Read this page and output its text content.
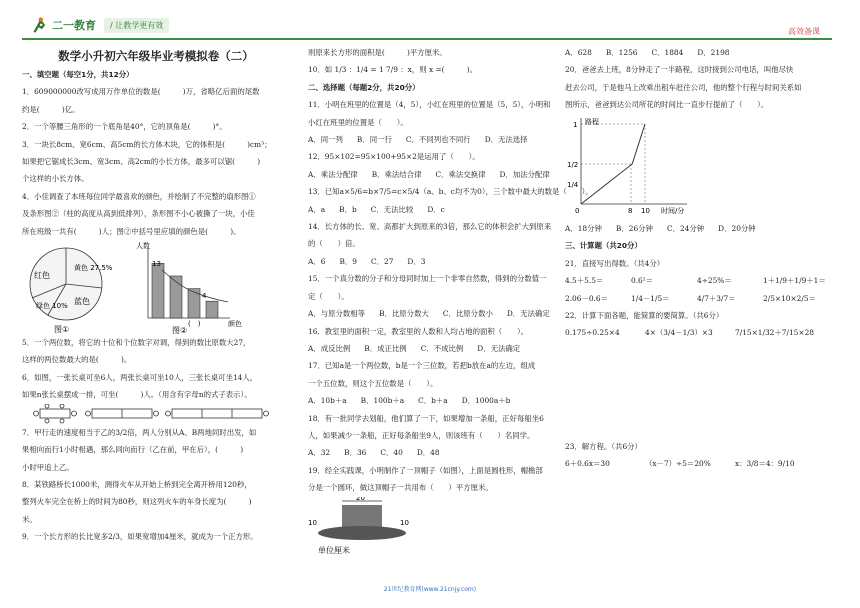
二一教育	/ 让教学更有效
高效备课
数学小升初六年级毕业考模拟卷（二）

一、填空题（每空1分，共12分）

1．609000000改写成用万作单位的数是(　　　)万，省略亿后面的尾数

约是(　　　)亿。

2．一个等腰三角形的一个底角是40°，它的顶角是(　　　)°。

3．一块长8cm、宽6cm、高5cm的长方体木块，它的体积是(　　　)cm³；

如果把它锯成长3cm、宽3cm、高2cm的小长方体，最多可以锯(　　　)

个这样的小长方体。

4．小佳调查了本班每位同学最喜欢的颜色，并绘制了不完整的扇形图①

及条形图②（柱的高度从高到低排列），条形图不小心被撕了一块，小佳

所在班级一共有(　　　)人；图②中括号里应填的颜色是(　　　)。

红色
黄色 27.5%
绿色 10% 蓝色
图①
人数
颜色
13
4
(　)
图②

5．一个两位数，将它的十位和个位数字对调，得到的数比原数大27，

这样的两位数最大的是(　　　)。

6．如图，一张长桌可坐6人，两张长桌可坐10人，三张长桌可坐14人，

如果n张长桌摆成一排，可坐(　　　)人。（用含有字母n的式子表示）。

7．甲行走的速度相当于乙的3/2倍，两人分别从A、B两地同时出发，如

果相向而行1小时相遇，那么同向而行（乙在前，甲在后），(　　　)

小时甲追上乙。

8．某铁路桥长1000米，测得火车从开始上桥到完全离开桥用120秒，

整列火车完全在桥上的时间为80秒，则这列火车的车身长度为(　　　)

米。

9．一个长方形的长比宽多2/3，如果宽增加4厘米，就成为一个正方形。

则原来长方形的面积是(　　　)平方厘米。

10．如 1/3 ：1/4 = 1 7/9 ：x，则 x =(　　　)。

二、选择题（每题2分，共20分）

11．小明在班里的位置是（4，5），小红在班里的位置是（5，5），小明和

小红在班里的位置是（　　）。

A．同一列 B．同一行 C．不同列也不同行 D．无法选择

12．95×102=95×100+95×2是运用了（　　）。

A．乘法分配律 B．乘法结合律 C．乘法交换律 D．加法分配律

13．已知a×5/6=b×7/5=c×5/4（a、b、c均不为0），三个数中最大的数是（　　）。

A．a B．b C．无法比较 D．c

14．长方体的长、宽、高都扩大到原来的3倍，那么它的体积会扩大到原来

的（　　）倍。

A．6 B．9 C．27 D．3

15．一个真分数的分子和分母同时加上一个非零自然数，得到的分数值一

定（　　）。

A．与原分数相等 B．比原分数大 C．比原分数小 D．无法确定

16．教室里的面积一定，教室里的人数和人均占地的面积（　　）。

A．成反比例 B．成正比例 C．不成比例 D．无法确定

17．已知a是一个两位数，b是一个三位数，若把b放在a的左边，组成

一个五位数，则这个五位数是（　　）。

A．10b＋a B．100b＋a C．b＋a D．1000a＋b

18．有一批同学去划船，他们算了一下，如果增加一条船，正好每船坐6

人，如果减少一条船，正好每条船坐9人，则该班有（　　）名同学。

A．32 B．36 C．40 D．48

19．经全实践课，小明制作了一顶帽子（如图），上面是圆柱形，帽檐部

分是一个圆环，做这顶帽子一共用布（　　）平方厘米。

20
10	10
单位厘米

A．628 B．1256 C．1884 D．2198

20．爸爸去上班，8分钟走了一半路程，这时接到公司电话，叫他尽快

赶去公司，于是他马上改乘出租车赶往公司，他的整个行程与时间关系如

图所示，爸爸到达公司所花的时间比一直步行提前了（　　）。

路程
时间/分
1
1/2
1/4
0	8 10

A．18分钟 B．26分钟 C．24分钟 D．20分钟

三、计算题（共20分）

21．直接写出得数。（共4分）

4.5＋5.5＝	0.6²＝	4÷25%＝	1＋1/9＋1/9＋1＝

2.06－0.6＝	1/4－1/5＝	4/7＋3/7＝	2/5×10×2/5＝

22．计算下面各题，能简算的要简算。（共6分）

0.175÷0.25×4	4×（3/4－1/3）×3	7/15×1/32＋7/15×28

23．解方程。（共6分）

6＋0.6x＝30	（x－7）÷5＝20%	x：3/8＝4：9/10

21世纪教育网(www.21cnjy.com)
